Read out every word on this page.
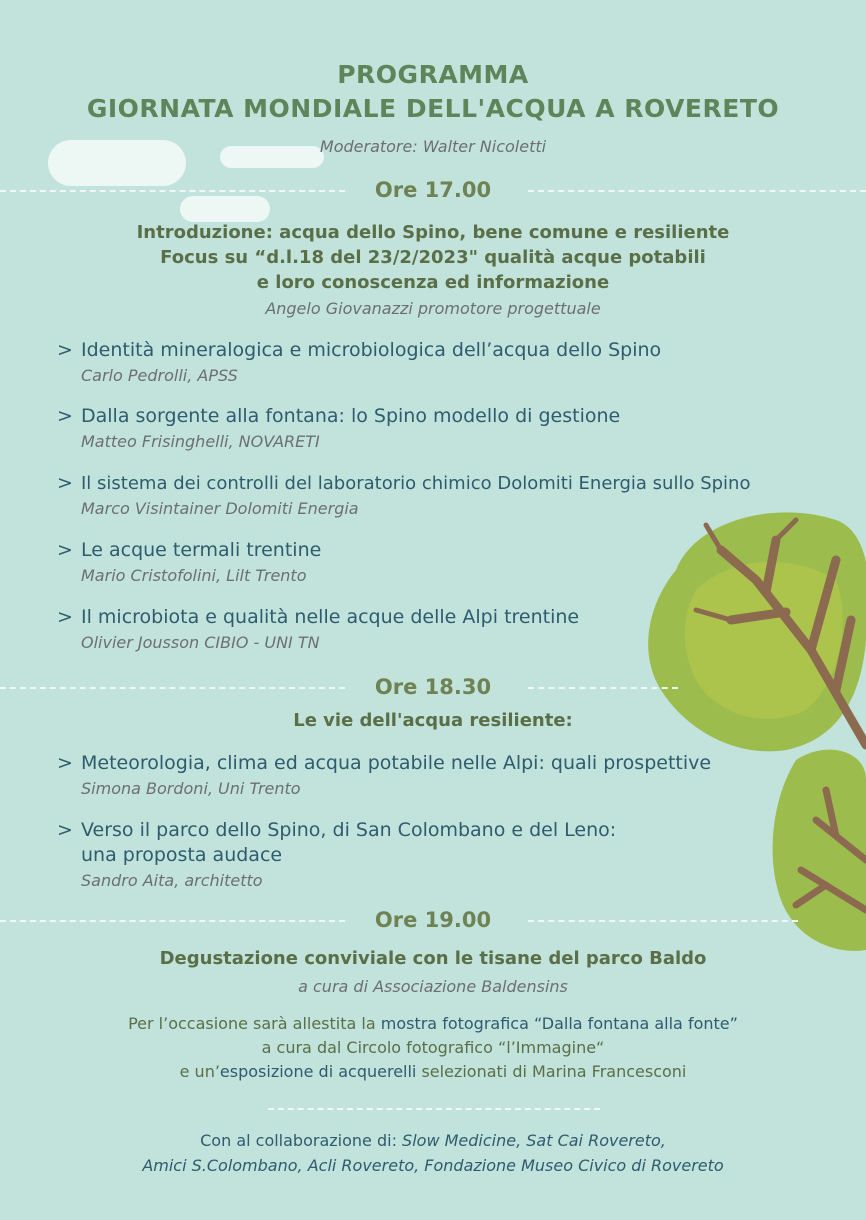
PROGRAMMA
GIORNATA MONDIALE DELL'ACQUA A ROVERETO
Moderatore: Walter Nicoletti
Ore 17.00
Introduzione: acqua dello Spino, bene comune e resiliente
Focus su “d.l.18 del 23/2/2023" qualità acque potabili
e loro conoscenza ed informazione
Angelo Giovanazzi promotore progettuale
> Identità mineralogica e microbiologica dell’acqua dello Spino
Carlo Pedrolli, APSS
> Dalla sorgente alla fontana: lo Spino modello di gestione
Matteo Frisinghelli, NOVARETI
> Il sistema dei controlli del laboratorio chimico Dolomiti Energia sullo Spino
Marco Visintainer Dolomiti Energia
> Le acque termali trentine
Mario Cristofolini, Lilt Trento
> Il microbiota e qualità nelle acque delle Alpi trentine
Olivier Jousson CIBIO - UNI TN
Ore 18.30
Le vie dell'acqua resiliente:
> Meteorologia, clima ed acqua potabile nelle Alpi: quali prospettive
Simona Bordoni, Uni Trento
> Verso il parco dello Spino, di San Colombano e del Leno:
una proposta audace
Sandro Aita, architetto
Ore 19.00
Degustazione conviviale con le tisane del parco Baldo
a cura di Associazione Baldensins
Per l’occasione sarà allestita la mostra fotografica “Dalla fontana alla fonte”
a cura dal Circolo fotografico “l’Immagine“
e un’esposizione di acquerelli selezionati di Marina Francesconi
Con al collaborazione di: Slow Medicine, Sat Cai Rovereto,
Amici S.Colombano, Acli Rovereto, Fondazione Museo Civico di Rovereto
